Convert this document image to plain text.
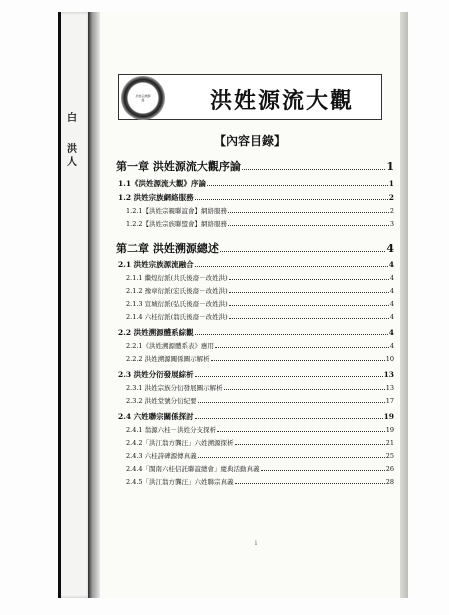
白
洪
人
洪姓宗族網絡	洪姓源流大觀
【內容目錄】
第一章 洪姓源流大觀序論	1
1.1《洪姓源流大觀》序論	1
1.2 洪姓宗族網絡服務	2
1.2.1【洪姓宗親聯誼會】網絡服務	2
1.2.2【洪姓宗族聯盟會】網絡服務	3
第二章 洪姓溯源總述	4
2.1 洪姓宗族源流融合	4
2.1.1 繼煌衍派(共氏後裔－改姓洪)	4
2.1.2 豫章衍派(宏氏後裔－改姓洪)	4
2.1.3 宣城衍派(弘氏後裔－改姓洪)	4
2.1.4 六桂衍派(翁氏後裔－改姓洪)	4
2.2 洪姓溯源體系綜觀	4
2.2.1《洪姓溯源體系表》應用	4
2.2.2 洪姓溯源關係圖示解析	10
2.3 洪姓分衍發展綜析	13
2.3.1 洪姓宗族分衍發展圖示解析	13
2.3.2 洪姓堂號分衍紀要	17
2.4 六姓聯宗關係探討	19
2.4.1 翁源六桂－洪姓分支探析	19
2.4.2「洪江翁方龔汪」六姓溯源探析	21
2.4.3 六桂詩碑源傳真義	25
2.4.4「閩南六桂信託聯誼總會」慶典活動真義	26
2.4.5「洪江翁方龔汪」六姓聯宗真義	28
i
